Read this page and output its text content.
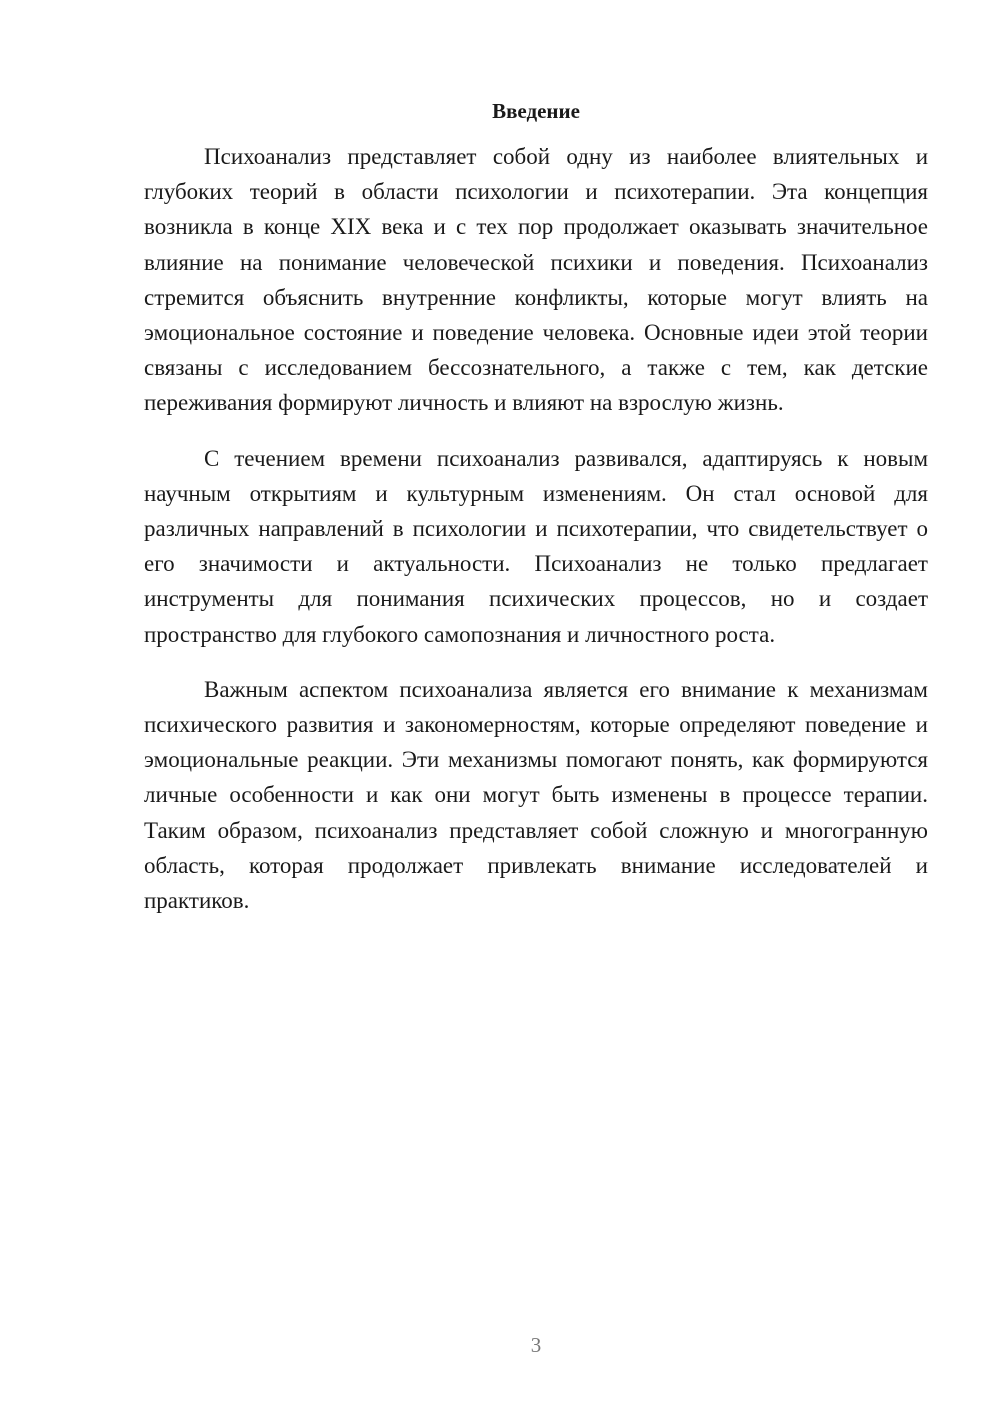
Введение

Психоанализ представляет собой одну из наиболее влиятельных и глубоких теорий в области психологии и психотерапии. Эта концепция возникла в конце XIX века и с тех пор продолжает оказывать значительное влияние на понимание человеческой психики и поведения. Психоанализ стремится объяснить внутренние конфликты, которые могут влиять на эмоциональное состояние и поведение человека. Основные идеи этой теории связаны с исследованием бессознательного, а также с тем, как детские переживания формируют личность и влияют на взрослую жизнь.

С течением времени психоанализ развивался, адаптируясь к новым научным открытиям и культурным изменениям. Он стал основой для различных направлений в психологии и психотерапии, что свидетельствует о его значимости и актуальности. Психоанализ не только предлагает инструменты для понимания психических процессов, но и создает пространство для глубокого самопознания и личностного роста.

Важным аспектом психоанализа является его внимание к механизмам психического развития и закономерностям, которые определяют поведение и эмоциональные реакции. Эти механизмы помогают понять, как формируются личные особенности и как они могут быть изменены в процессе терапии. Таким образом, психоанализ представляет собой сложную и многогранную область, которая продолжает привлекать внимание исследователей и практиков.

3
